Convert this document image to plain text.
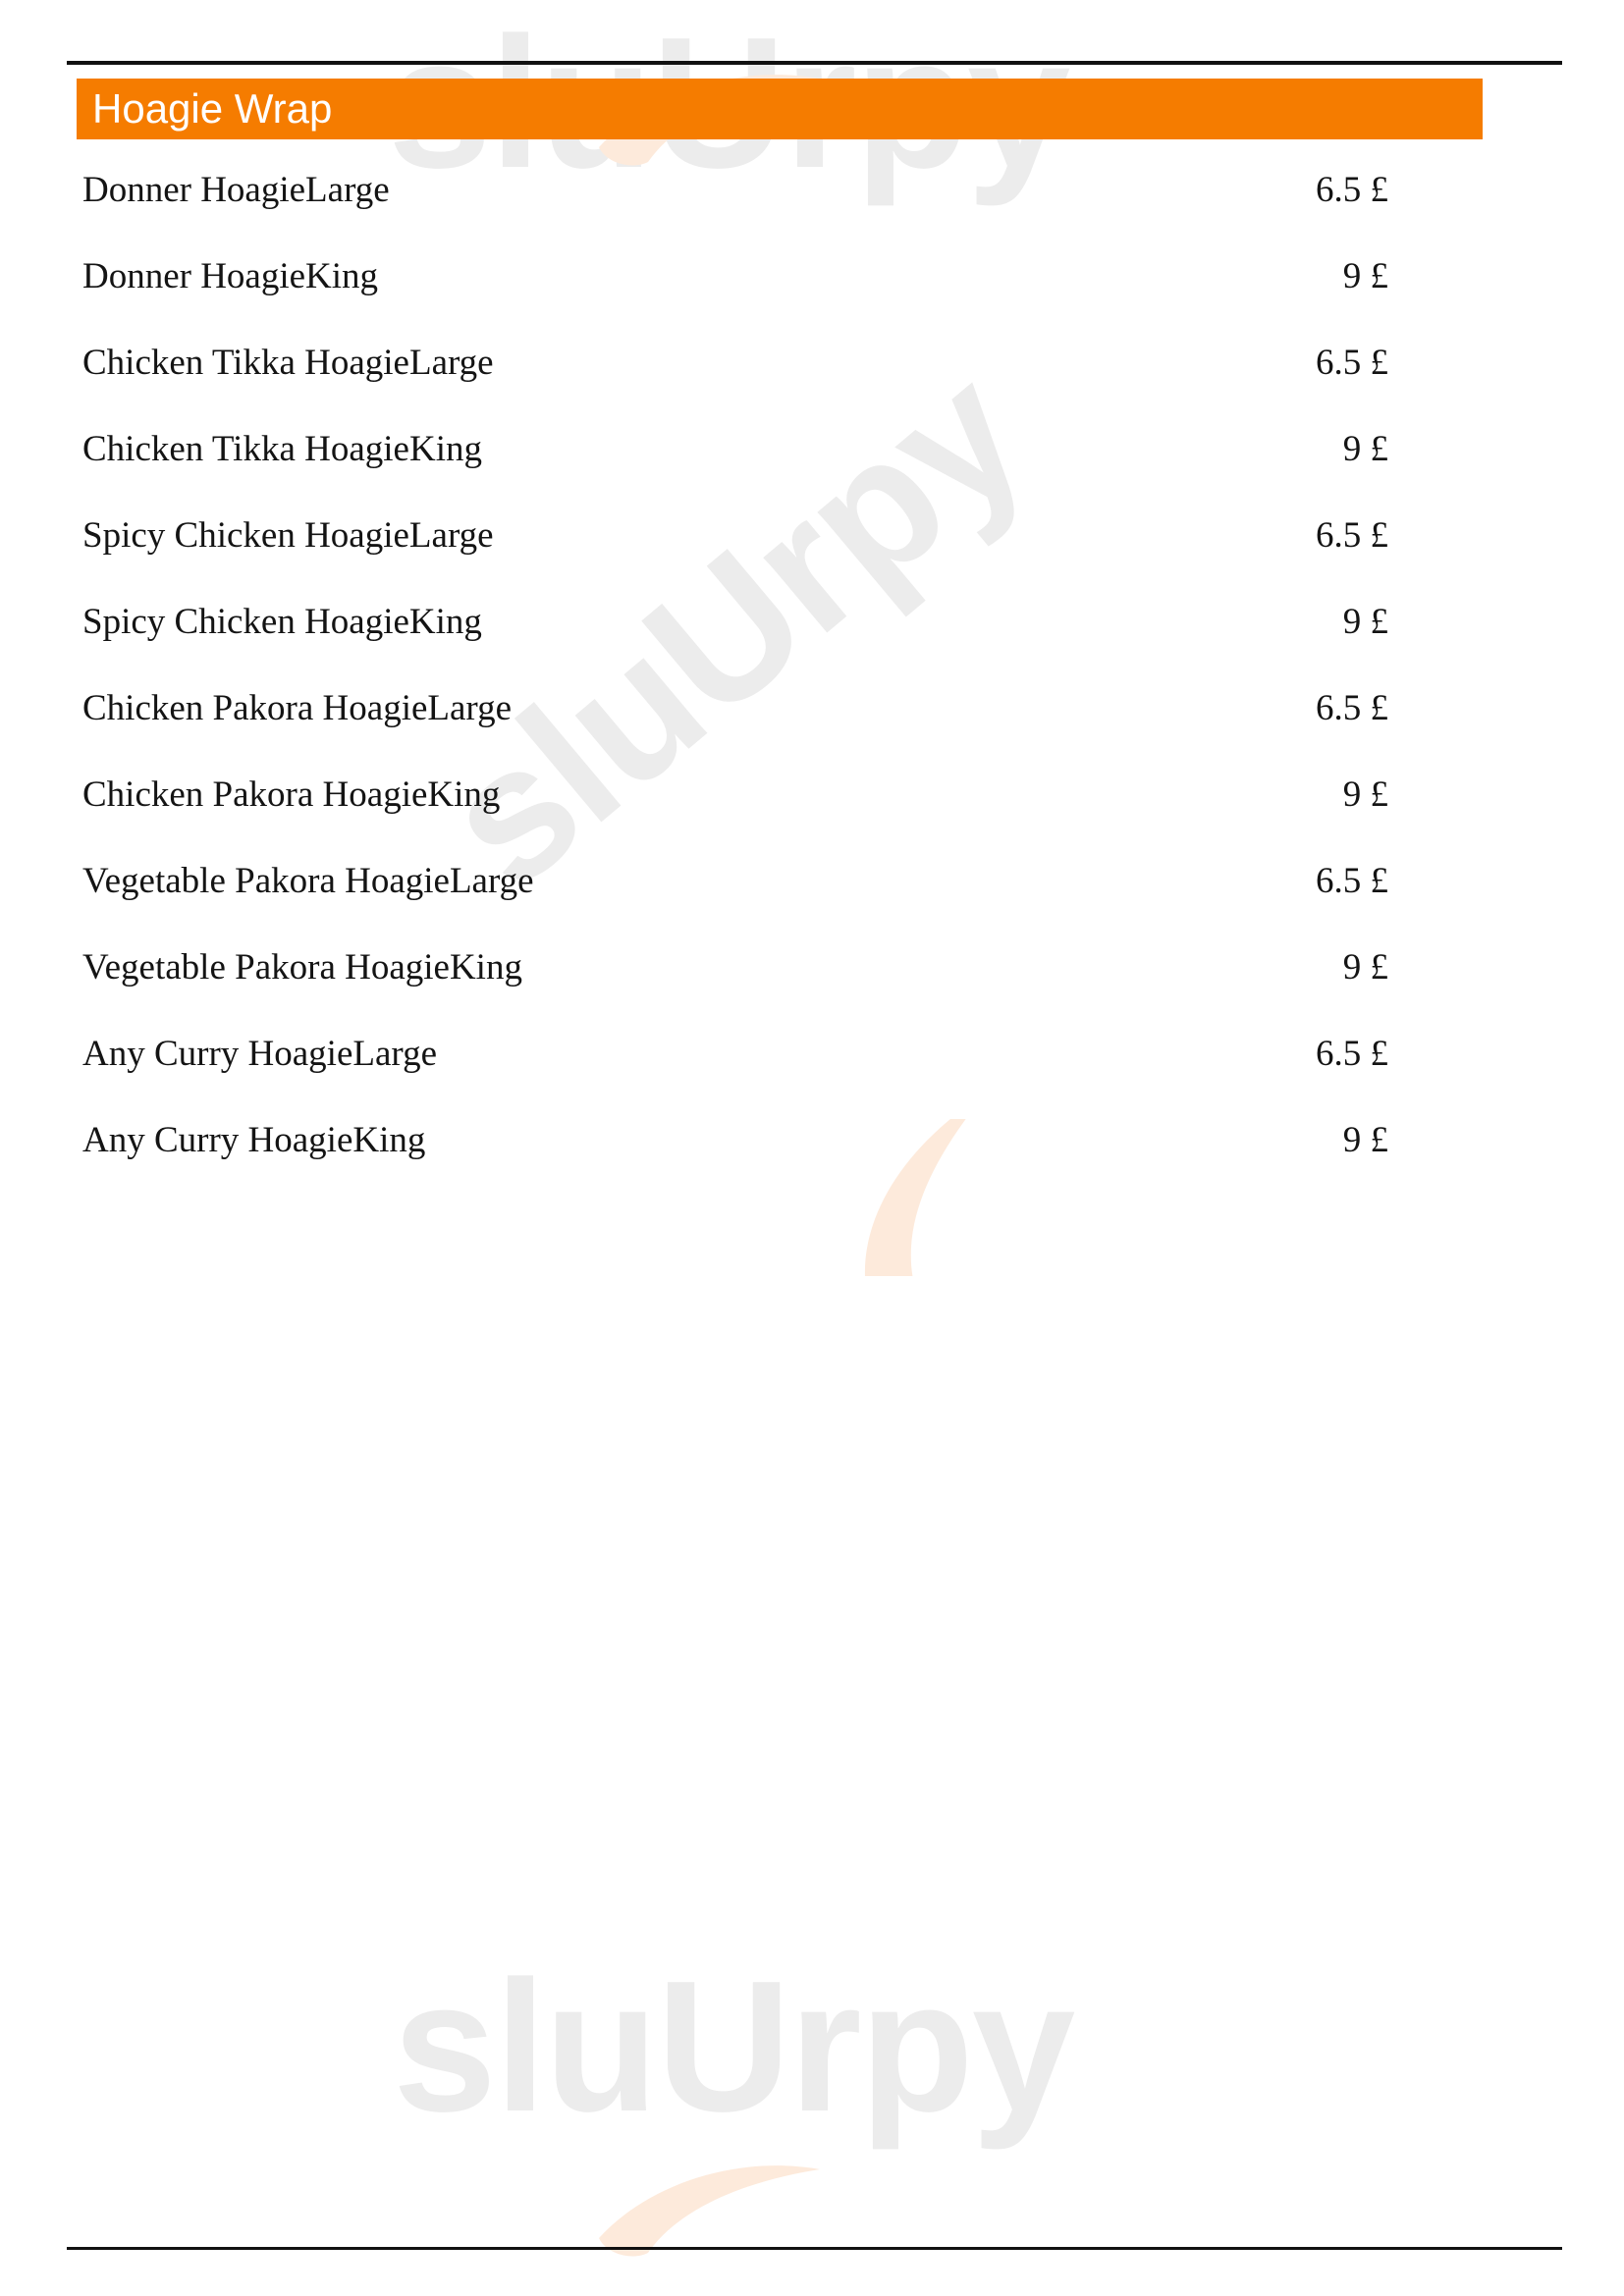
sluUrpy
sluUrpy
Hoagie Wrap
Donner HoagieLarge	6.5 £
Donner HoagieKing	9 £
Chicken Tikka HoagieLarge	6.5 £
Chicken Tikka HoagieKing	9 £
Spicy Chicken HoagieLarge	6.5 £
Spicy Chicken HoagieKing	9 £
Chicken Pakora HoagieLarge	6.5 £
Chicken Pakora HoagieKing	9 £
Vegetable Pakora HoagieLarge	6.5 £
Vegetable Pakora HoagieKing	9 £
Any Curry HoagieLarge	6.5 £
Any Curry HoagieKing	9 £
